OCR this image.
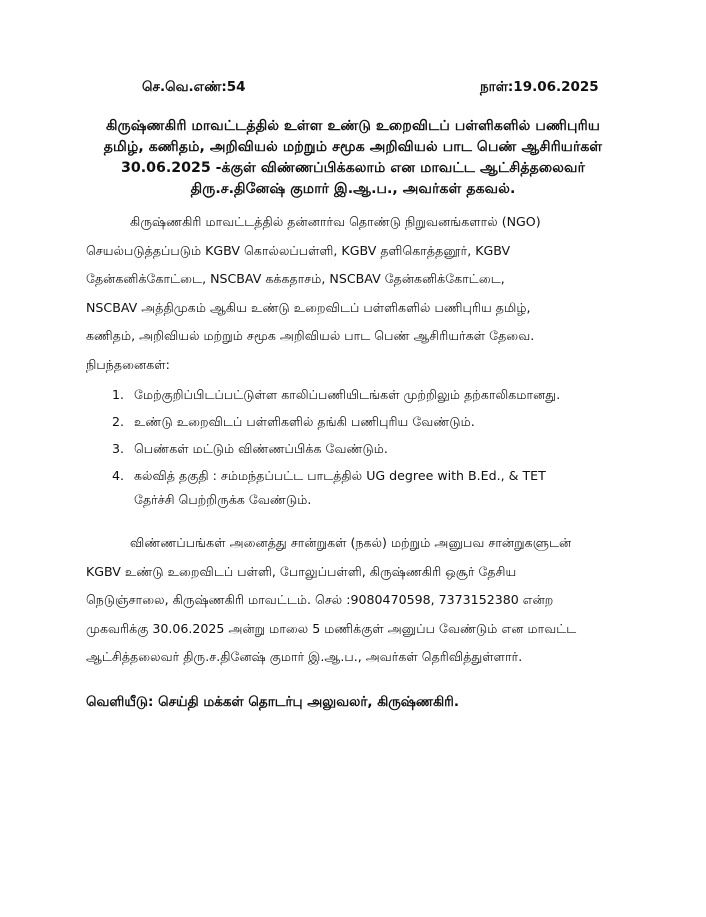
செ.வெ.எண்:54	நாள்:19.06.2025
கிருஷ்ணகிரி மாவட்டத்தில் உள்ள உண்டு உறைவிடப் பள்ளிகளில் பணிபுரிய
தமிழ், கணிதம், அறிவியல் மற்றும் சமூக அறிவியல் பாட பெண் ஆசிரியர்கள்
30.06.2025 -க்குள் விண்ணப்பிக்கலாம் என மாவட்ட ஆட்சித்தலைவர்
திரு.ச.தினேஷ் குமார் இ.ஆ.ப., அவர்கள் தகவல்.
கிருஷ்ணகிரி மாவட்டத்தில் தன்னார்வ தொண்டு நிறுவனங்களால் (NGO)
செயல்படுத்தப்படும் KGBV கொல்லப்பள்ளி, KGBV தளிகொத்தனூர், KGBV
தேன்கனிக்கோட்டை, NSCBAV கக்கதாசம், NSCBAV தேன்கனிக்கோட்டை,
NSCBAV அத்திமுகம் ஆகிய உண்டு உறைவிடப் பள்ளிகளில் பணிபுரிய தமிழ்,
கணிதம், அறிவியல் மற்றும் சமூக அறிவியல் பாட பெண் ஆசிரியர்கள் தேவை.
நிபந்தனைகள்:
1. மேற்குறிப்பிடப்பட்டுள்ள காலிப்பணியிடங்கள் முற்றிலும் தற்காலிகமானது.
2. உண்டு உறைவிடப் பள்ளிகளில் தங்கி பணிபுரிய வேண்டும்.
3. பெண்கள் மட்டும் விண்ணப்பிக்க வேண்டும்.
4. கல்வித் தகுதி : சம்மந்தப்பட்ட பாடத்தில் UG degree with B.Ed., & TET
தேர்ச்சி பெற்றிருக்க வேண்டும்.
விண்ணப்பங்கள் அனைத்து சான்றுகள் (நகல்) மற்றும் அனுபவ சான்றுகளுடன்
KGBV உண்டு உறைவிடப் பள்ளி, போலுப்பள்ளி, கிருஷ்ணகிரி ஒசூர் தேசிய
நெடுஞ்சாலை, கிருஷ்ணகிரி மாவட்டம். செல் :9080470598, 7373152380 என்ற
முகவரிக்கு 30.06.2025 அன்று மாலை 5 மணிக்குள் அனுப்ப வேண்டும் என மாவட்ட
ஆட்சித்தலைவர் திரு.ச.தினேஷ் குமார் இ.ஆ.ப., அவர்கள் தெரிவித்துள்ளார்.
வெளியீடு: செய்தி மக்கள் தொடர்பு அலுவலர், கிருஷ்ணகிரி.
